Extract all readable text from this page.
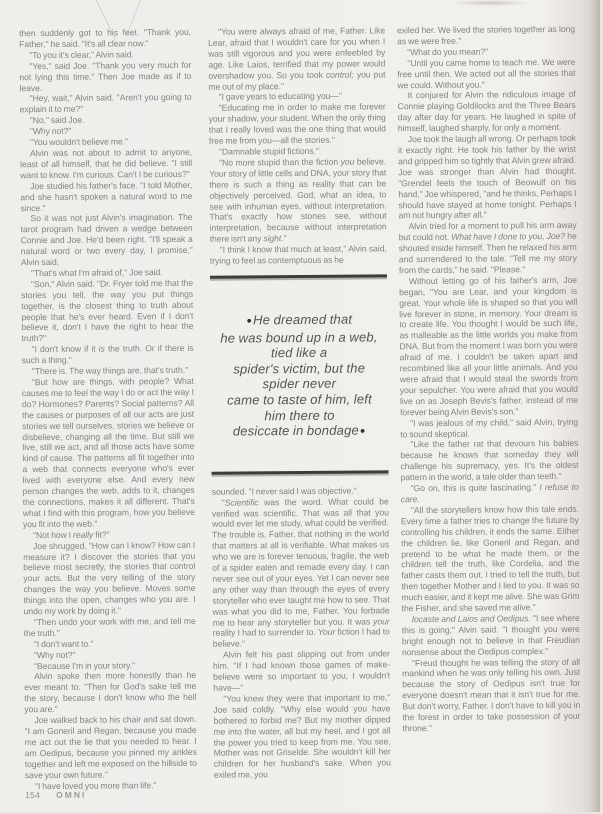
then suddenly got to his feet. "Thank you, Father," he said. "It's all clear now."

"To you it's clear," Alvin said.

"Yes," said Joe. "Thank you very much for not lying this time." Then Joe made as if to leave.

"Hey, wait," Alvin said. "Aren't you going to explain it to me?"

"No," said Joe.

"Why not?"

"You wouldn't believe me."

Alvin was not about to admit to anyone, least of all himself, that he did believe. "I still want to know. I'm curious. Can't I be curious?"

Joe studied his father's face. "I told Mother, and she hasn't spoken a natural word to me since."

So it was not just Alvin's imagination. The tarot program had driven a wedge between Connie and Joe. He'd been right. "I'll speak a natural word or two every day, I promise," Alvin said.

"That's what I'm afraid of," Joe said.

"Son," Alvin said. "Dr. Fryer told me that the stories you tell, the way you put things together, is the closest thing to truth about people that he's ever heard. Even if I don't believe it, don't I have the right to hear the truth?"

"I don't know if it is the truth. Or if there is such a thing."

"There is. The way things are, that's truth."

"But how are things, with people? What causes me to feel the way I do or act the way I do? Hormones? Parents? Social patterns? All the causes or purposes of all our acts are just stories we tell ourselves, stories we believe or disbelieve, changing all the time. But still we live, still we act, and all those acts have some kind of cause. The patterns all fit together into a web that connects everyone who's ever lived with everyone else. And every new person changes the web, adds to it, changes the connections, makes it all different. That's what I find with this program, how you believe you fit into the web."

"Not how I really fit?"

Joe shrugged. "How can I know? How can I measure it? I discover the stories that you believe most secretly, the stories that control your acts. But the very telling of the story changes the way you believe. Moves some things into the open, changes who you are. I undo my work by doing it."

"Then undo your work with me, and tell me the truth."

"I don't want to."

"Why not?"

"Because I'm in your story."

Alvin spoke then more honestly than he ever meant to. "Then for God's sake tell me the story, because I don't know who the hell you are."

Joe walked back to his chair and sat down. "I am Goneril and Regan, because you made me act out the lie that you needed to hear. I am Oedipus, because you pinned my ankles together and left me exposed on the hillside to save your own future."

"I have loved you more than life."

"You were always afraid of me, Father. Like Lear, afraid that I wouldn't care for you when I was still vigorous and you were enfeebled by age. Like Laios, terrified that my power would overshadow you. So you took control; you put me out of my place."

"I gave years to educating you—"

"Educating me in order to make me forever your shadow, your student. When the only thing that I really loved was the one thing that would free me from you—all the stories."

"Damnable stupid fictions."

"No more stupid than the fiction you believe. Your story of little cells and DNA, your story that there is such a thing as reality that can be objectively perceived. God, what an idea, to see with inhuman eyes, without interpretation. That's exactly how stones see, without interpretation, because without interpretation there isn't any sight."

"I think I know that much at least," Alvin said, trying to feel as contemptuous as he

●He dreamed that
he was bound up in a web,
tied like a
spider's victim, but the
spider never
came to taste of him, left
him there to
desiccate in bondage●

sounded. "I never said I was objective."

"Scientific was the word. What could be verified was scientific. That was all that you would ever let me study, what could be verified. The trouble is, Father, that nothing in the world that matters at all is verifiable. What makes us who we are is forever tenuous, fragile, the web of a spider eaten and remade every day. I can never see out of your eyes. Yet I can never see any other way than through the eyes of every storyteller who ever taught me how to see. That was what you did to me, Father. You forbade me to hear any storyteller but you. It was your reality I had to surrender to. Your fiction I had to believe."

Alvin felt his past slipping out from under him. "If I had known those games of make-believe were so important to you, I wouldn't have—"

"You knew they were that important to me," Joe said coldly. "Why else would you have bothered to forbid me? But my mother dipped me into the water, all but my heel, and I got all the power you tried to keep from me. You see, Mother was not Griselde. She wouldn't kill her children for her husband's sake. When you exiled me, you

exiled her. We lived the stories together as long as we were free."

"What do you mean?"

"Until you came home to teach me. We were free until then. We acted out all the stories that we could. Without you."

It conjured for Alvin the ridiculous image of Connie playing Goldilocks and the Three Bears day after day for years. He laughed in spite of himself, laughed sharply, for only a moment.

Joe took the laugh all wrong. Or perhaps took it exactly right. He took his father by the wrist and gripped him so tightly that Alvin grew afraid. Joe was stronger than Alvin had thought. "Grendel feels the touch of Beowulf on his hand," Joe whispered, "and he thinks, Perhaps I should have stayed at home tonight. Perhaps I am not hungry after all."

Alvin tried for a moment to pull his arm away but could not. What have I done to you, Joe? he shouted inside himself. Then he relaxed his arm and surrendered to the tale. "Tell me my story from the cards," he said. "Please."

Without letting go of his father's arm, Joe began, "You are Lear, and your kingdom is great. Your whole life is shaped so that you will live forever in stone, in memory. Your dream is to create life. You thought I would be such life, as malleable as the little worlds you make from DNA. But from the moment I was born you were afraid of me. I couldn't be taken apart and recombined like all your little animals. And you were afraid that I would steal the swords from your sepulcher. You were afraid that you would live on as Joseph Bevis's father, instead of me forever being Alvin Bevis's son."

"I was jealous of my child," said Alvin, trying to sound skeptical.

"Like the father rat that devours his babies because he knows that someday they will challenge his supremacy, yes. It's the oldest pattern in the world, a tale older than teeth."

"Go on, this is quite fascinating." I refuse to care.

"All the storytellers know how this tale ends. Every time a father tries to change the future by controlling his children, it ends the same. Either the children lie, like Goneril and Regan, and pretend to be what he made them, or the children tell the truth, like Cordelia, and the father casts them out. I tried to tell the truth, but then together Mother and I lied to you. It was so much easier, and it kept me alive. She was Grim the Fisher, and she saved me alive."

Iocaste and Laios and Oedipus. "I see where this is going," Alvin said. "I thought you were bright enough not to believe in that Freudian nonsense about the Oedipus complex."

"Freud thought he was telling the story of all mankind when he was only telling his own. Just because the story of Oedipus isn't true for everyone doesn't mean that it isn't true for me. But don't worry, Father. I don't have to kill you in the forest in order to take possession of your throne."

154 OMNI
